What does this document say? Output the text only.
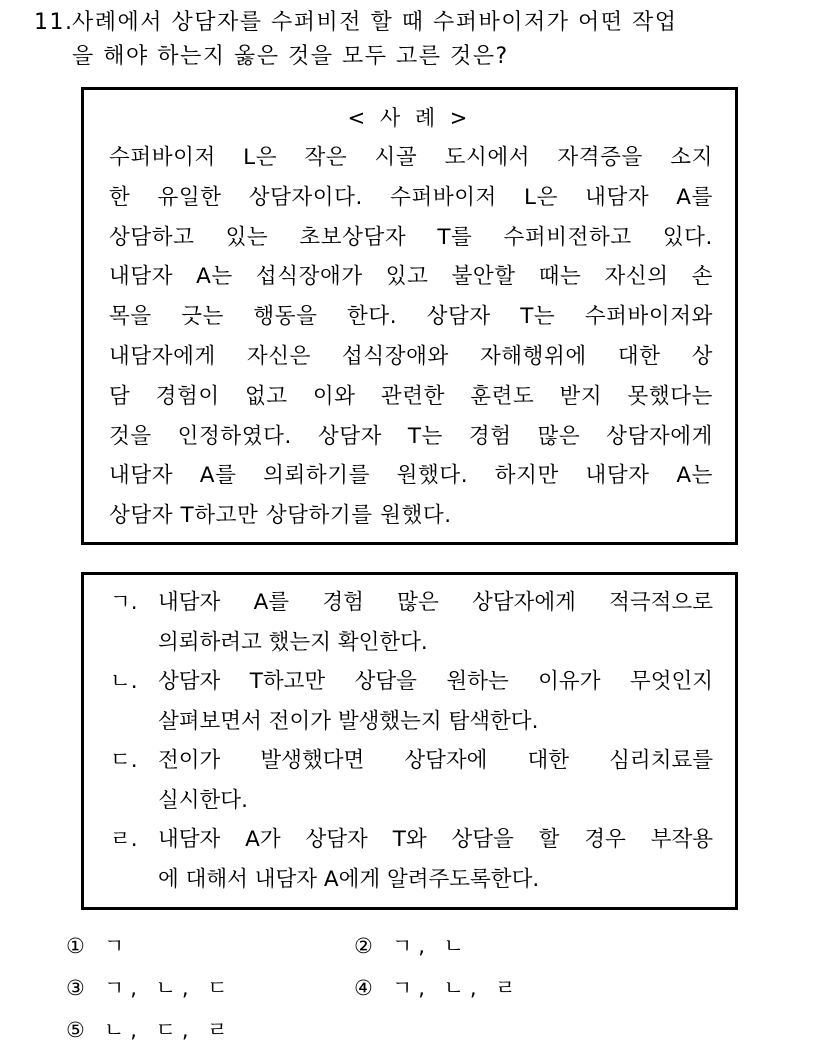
11.사례에서 상담자를 수퍼비전 할 때 수퍼바이저가 어떤 작업
을 해야 하는지 옳은 것을 모두 고른 것은?
< 사 례 >
수퍼바이저 L은 작은 시골 도시에서 자격증을 소지
한 유일한 상담자이다. 수퍼바이저 L은 내담자 A를
상담하고 있는 초보상담자 T를 수퍼비전하고 있다.
내담자 A는 섭식장애가 있고 불안할 때는 자신의 손
목을 긋는 행동을 한다. 상담자 T는 수퍼바이저와
내담자에게 자신은 섭식장애와 자해행위에 대한 상
담 경험이 없고 이와 관련한 훈련도 받지 못했다는
것을 인정하였다. 상담자 T는 경험 많은 상담자에게
내담자 A를 의뢰하기를 원했다. 하지만 내담자 A는
상담자 T하고만 상담하기를 원했다.
ㄱ. 내담자 A를 경험 많은 상담자에게 적극적으로
의뢰하려고 했는지 확인한다.
ㄴ. 상담자 T하고만 상담을 원하는 이유가 무엇인지
살펴보면서 전이가 발생했는지 탐색한다.
ㄷ. 전이가 발생했다면 상담자에 대한 심리치료를
실시한다.
ㄹ. 내담자 A가 상담자 T와 상담을 할 경우 부작용
에 대해서 내담자 A에게 알려주도록한다.
① ㄱ	② ㄱ, ㄴ
③ ㄱ, ㄴ, ㄷ	④ ㄱ, ㄴ, ㄹ
⑤ ㄴ, ㄷ, ㄹ
